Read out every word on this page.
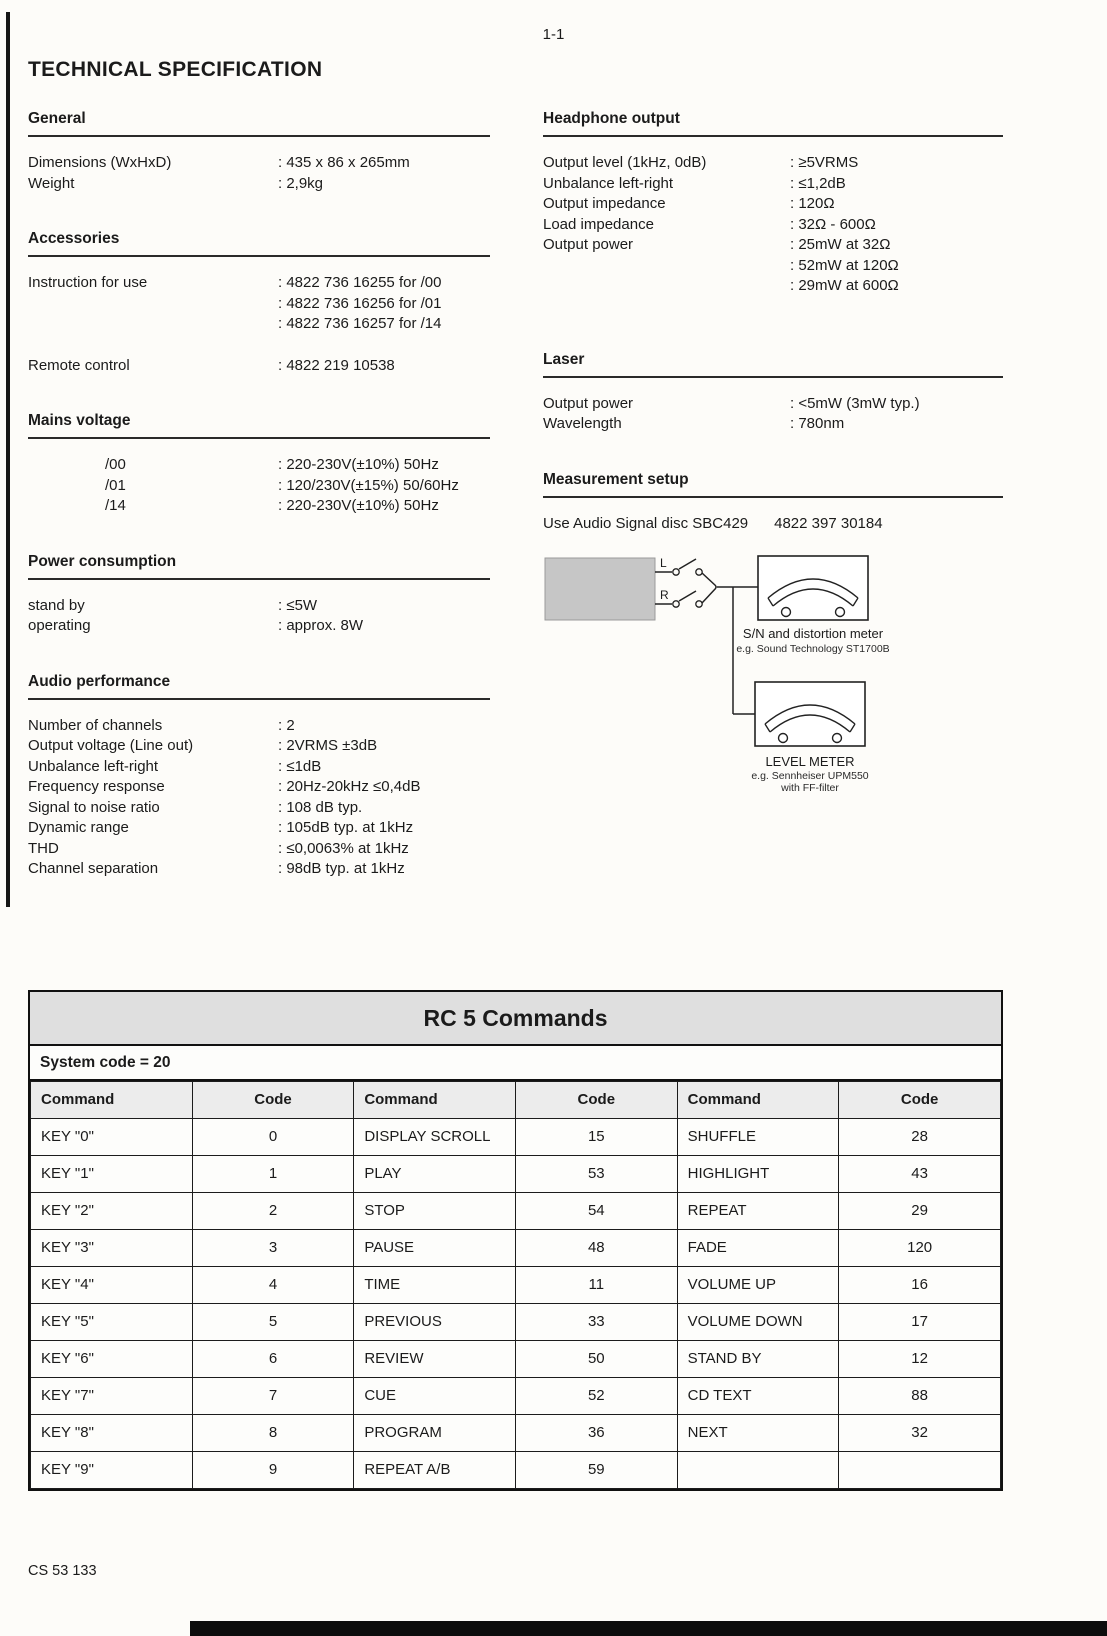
1-1
TECHNICAL SPECIFICATION
General
Dimensions (WxHxD)	: 435 x 86 x 265mm
Weight	: 2,9kg
Accessories
Instruction for use	: 4822 736 16255 for /00
: 4822 736 16256 for /01
: 4822 736 16257 for /14
Remote control	: 4822 219 10538
Mains voltage
/00	: 220-230V(±10%) 50Hz
/01	: 120/230V(±15%) 50/60Hz
/14	: 220-230V(±10%) 50Hz
Power consumption
stand by	: ≤5W
operating	: approx. 8W
Audio performance
Number of channels	: 2
Output voltage (Line out)	: 2VRMS ±3dB
Unbalance left-right	: ≤1dB
Frequency response	: 20Hz-20kHz ≤0,4dB
Signal to noise ratio	: 108 dB typ.
Dynamic range	: 105dB typ. at 1kHz
THD	: ≤0,0063% at 1kHz
Channel separation	: 98dB typ. at 1kHz
Headphone output
Output level (1kHz, 0dB)	: ≥5VRMS
Unbalance left-right	: ≤1,2dB
Output impedance	: 120Ω
Load impedance	: 32Ω - 600Ω
Output power	: 25mW at 32Ω
: 52mW at 120Ω
: 29mW at 600Ω
Laser
Output power	: <5mW (3mW typ.)
Wavelength	: 780nm
Measurement setup
Use Audio Signal disc SBC429 4822 397 30184
L
R
S/N and distortion meter
e.g. Sound Technology ST1700B
LEVEL METER
e.g. Sennheiser UPM550
with FF-filter
RC 5 Commands
System code = 20
Command	Code	Command	Code	Command	Code
KEY "0"	0	DISPLAY SCROLL	15	SHUFFLE	28
KEY "1"	1	PLAY	53	HIGHLIGHT	43
KEY "2"	2	STOP	54	REPEAT	29
KEY "3"	3	PAUSE	48	FADE	120
KEY "4"	4	TIME	11	VOLUME UP	16
KEY "5"	5	PREVIOUS	33	VOLUME DOWN	17
KEY "6"	6	REVIEW	50	STAND BY	12
KEY "7"	7	CUE	52	CD TEXT	88
KEY "8"	8	PROGRAM	36	NEXT	32
KEY "9"	9	REPEAT A/B	59		
CS 53 133
